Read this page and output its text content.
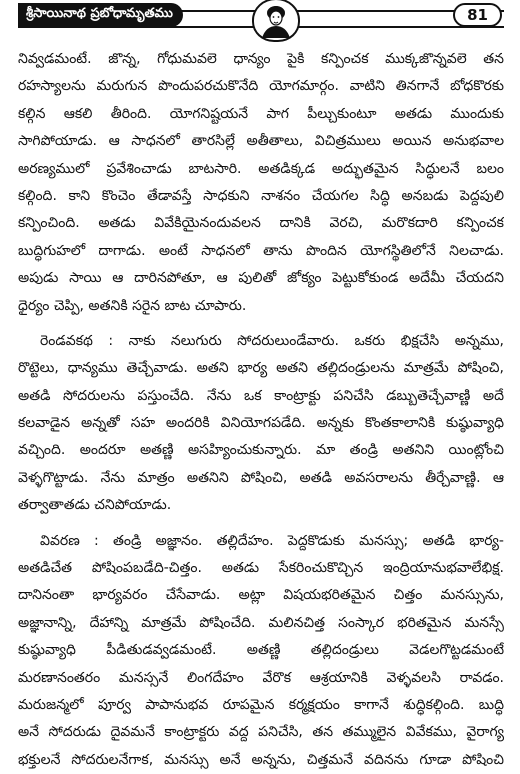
శ్రీసాయినాథ ప్రబోధామృతము	81
నివ్వడమంటే. జొన్న, గోధుమవలె ధాన్యం పైకి కన్పించక ముక్కజొన్నవలె తన
రహస్యాలను మరుగున పొందుపరచుకొనేది యోగమార్గం. వాటిని తినగానే బోధకొరకు
కల్గిన ఆకలి తీరింది. యోగనిష్టయనే పాగ పీల్చుకుంటూ అతడు ముందుకు
సాగిపోయాడు. ఆ సాధనలో తారసిల్లే అతీతాలు, విచిత్రములు అయిన అనుభవాల
అరణ్యములో ప్రవేశించాడు బాటసారి. అతడిక్కడ అద్భుతమైన సిద్ధులనే బలం
కల్గింది. కాని కొంచెం తేడావస్తే సాధకుని నాశనం చేయగల సిద్ధి అనబడు పెద్దపులి
కన్పించింది. అతడు వివేకియైనందువలన దానికి వెరచి, మరొకదారి కన్పించక
బుద్ధిగుహలో దాగాడు. అంటే సాధనలో తాను పొందిన యోగస్థితిలోనే నిలచాడు.
అపుడు సాయి ఆ దారినపోతూ, ఆ పులితో జోక్యం పెట్టుకోకుండ అదేమీ చేయదని
ధైర్యం చెప్పి, అతనికి సరైన బాట చూపారు.
రెండవకథ : నాకు నలుగురు సోదరులుండేవారు. ఒకరు భిక్షచేసి అన్నము,
రొట్టెలు, ధాన్యము తెచ్చేవాడు. అతని భార్య అతని తల్లిదండ్రులను మాత్రమే పోషించి,
అతడి సోదరులను పస్తుంచేది. నేను ఒక కాంట్రాక్టు పనిచేసి డబ్బుతెచ్చేవాణ్ణి అదే
కలవాడైన అన్నతో సహ అందరికి వినియోగపడేది. అన్నకు కొంతకాలానికి కుష్ఠువ్యాధి
వచ్చింది. అందరూ అతణ్ణి అసహ్యించుకున్నారు. మా తండ్రి అతనిని యింట్లోంచి
వెళ్ళగొట్టాడు. నేను మాత్రం అతనిని పోషించి, అతడి అవసరాలను తీర్చేవాణ్ణి. ఆ
తర్వాతాతడు చనిపోయాడు.
వివరణ : తండ్రి అజ్ఞానం. తల్లిదేహం. పెద్దకొడుకు మనస్సు; అతడి భార్య-
అతడిచేత పోషింపబడేది-చిత్తం. అతడు సేకరించుకొచ్చిన ఇంద్రియానుభవాలేభిక్ష.
దానినంతా భార్యవరం చేసేవాడు. అట్లా విషయభరితమైన చిత్తం మనస్సును,
అజ్ఞానాన్ని, దేహాన్ని మాత్రమే పోషించేది. మలినచిత్త సంస్కార భరితమైన మనస్సే
కుష్ఠువ్యాధి పీడితుడవ్వడమంటే. అతణ్ణి తల్లిదండ్రులు వెడలగొట్టడమంటే
మరణానంతరం మనస్సనే లింగదేహం వేరొక ఆశ్రయానికి వెళ్ళవలసి రావడం.
మరుజన్మలో పూర్వ పాపానుభవ రూపమైన కర్మక్షయం కాగానే శుద్ధికల్గింది. బుద్ధి
అనే సోదరుడు దైవమనే కాంట్రాక్టరు వద్ద పనిచేసి, తన తమ్ములైన వివేకము, వైరాగ్య
భక్తులనే సోదరులనేగాక, మనస్సు అనే అన్నను, చిత్తమనే వదినను గూడా పోషించి
